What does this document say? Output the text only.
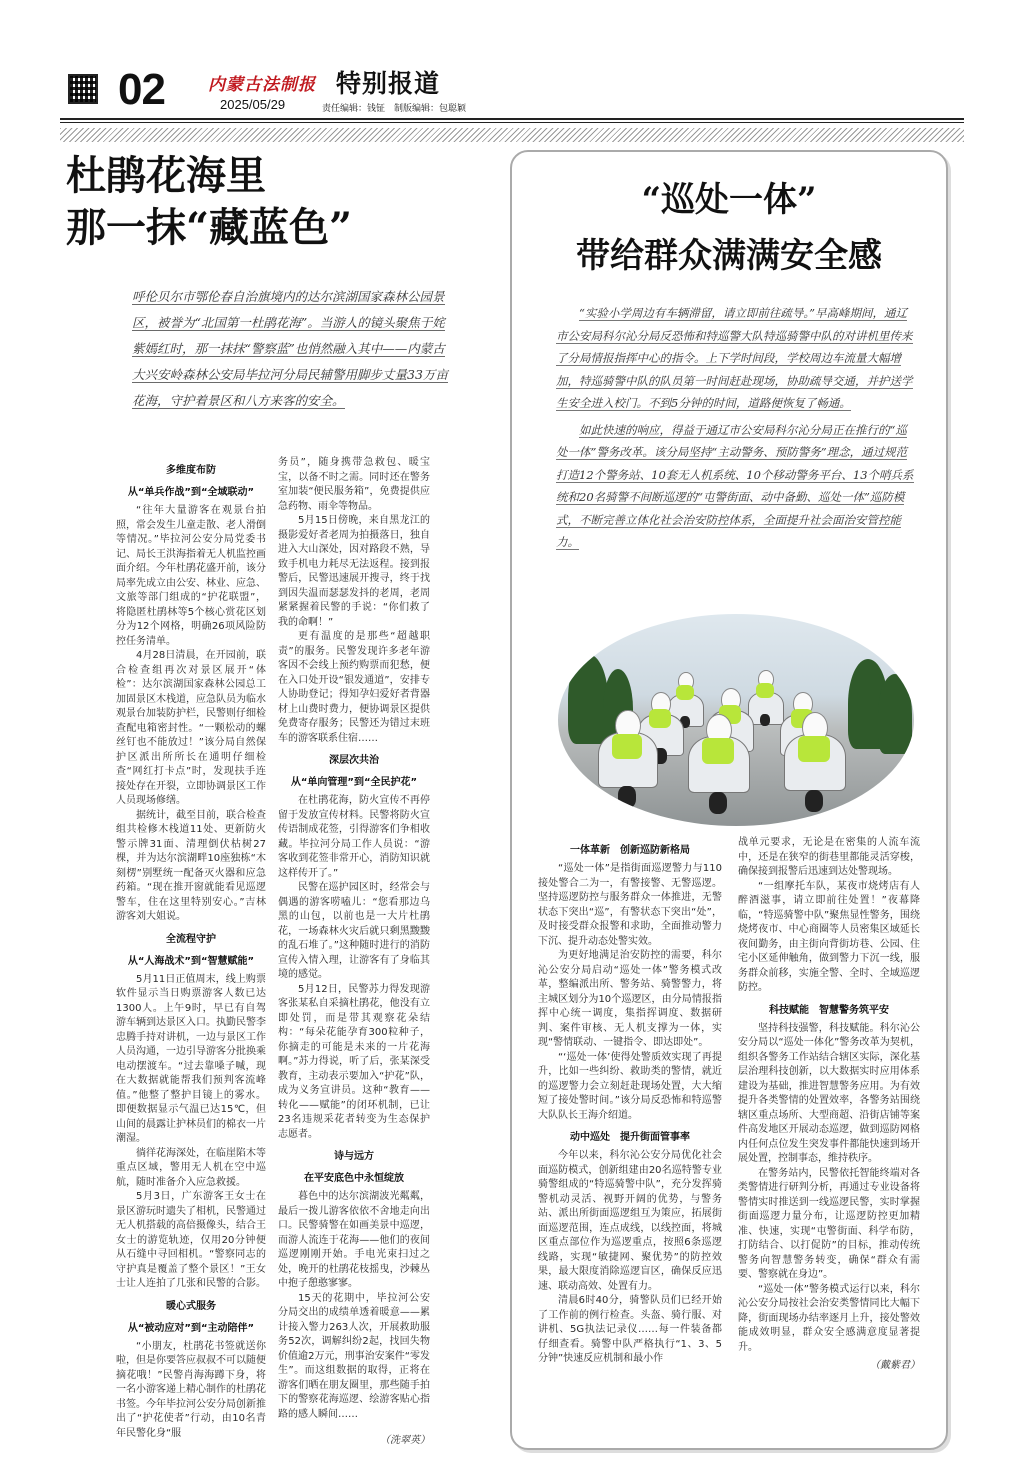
02	内蒙古法制报
2025/05/29
特别报道
责任编辑：钱钲　制版编辑：包聪颖
杜鹃花海里
那一抹“藏蓝色”
呼伦贝尔市鄂伦春自治旗境内的达尔滨湖国家森林公园景区，被誉为“北国第一杜鹃花海”。当游人的镜头聚焦于姹紫嫣红时，那一抹抹“警察蓝”也悄然融入其中——内蒙古大兴安岭森林公安局毕拉河分局民辅警用脚步丈量33万亩花海，守护着景区和八方来客的安全。
多维度布防
从“单兵作战”到“全域联动”

“往年大量游客在观景台拍照，常会发生儿童走散、老人滑倒等情况。”毕拉河公安分局党委书记、局长王洪海指着无人机监控画面介绍。今年杜鹃花盛开前，该分局率先成立由公安、林业、应急、文旅等部门组成的“护花联盟”，将隐匿杜鹃林等5个核心赏花区划分为12个网格，明确26项风险防控任务清单。

4月28日清晨，在开园前，联合检查组再次对景区展开“体检”：达尔滨湖国家森林公园总工加固景区木栈道，应急队员为临水观景台加装防护栏，民警则仔细检查配电箱密封性。“一颗松动的螺丝钉也不能放过！”该分局自然保护区派出所所长在通明仔细检查“网红打卡点”时，发现扶手连接处存在开裂，立即协调景区工作人员现场修缮。

据统计，截至目前，联合检查组共检修木栈道11处、更新防火警示牌31面、清理倒伏枯树27棵，并为达尔滨湖畔10座独栋“木刻楞”别墅统一配备灭火器和应急药箱。“现在推开窗就能看见巡逻警车，住在这里特别安心。”吉林游客刘大姐说。

全流程守护
从“人海战术”到“智慧赋能”

5月11日正值周末，线上购票软件显示当日购票游客人数已达1300人。上午9时，早已有自驾游车辆到达景区入口。执勤民警李忠腾手持对讲机，一边与景区工作人员沟通，一边引导游客分批换乘电动摆渡车。“过去靠嗓子喊，现在大数据就能帮我们预判客流峰值。”他整了整护目镜上的雾水。即便数据显示气温已达15℃，但山间的晨露让护林员们的棉衣一片潮湿。

徜徉花海深处，在临崖陷木等重点区域，警用无人机在空中巡航，随时准备介入应急救援。

5月3日，广东游客王女士在景区游玩时遗失了相机，民警通过无人机搭载的高倍摄像头，结合王女士的游览轨迹，仅用20分钟便从石缝中寻回相机。“警察同志的守护真是覆盖了整个景区！”王女士让人连拍了几张和民警的合影。

暖心式服务
从“被动应对”到“主动陪伴”

“小朋友，杜鹃花书签就送你啦，但是你要答应叔叔不可以随便摘花哦！”民警肖海海蹲下身，将一名小游客递上精心制作的杜鹃花书签。今年毕拉河公安分局创新推出了“护花使者”行动，由10名青年民警化身“服

务员”，随身携带急救包、暖宝宝，以备不时之需。同时还在警务室加装“便民服务箱”，免费提供应急药物、雨伞等物品。

5月15日傍晚，来自黑龙江的摄影爱好者老周为拍摄落日，独自进入大山深处，因对路段不熟，导致手机电力耗尽无法返程。接到报警后，民警迅速展开搜寻，终于找到因失温而瑟瑟发抖的老周，老周紧紧握着民警的手说：“你们救了我的命啊！”

更有温度的是那些“超越职责”的服务。民警发现许多老年游客因不会线上预约购票而犯愁，便在入口处开设“银发通道”，安排专人协助登记；得知孕妇爱好者背器材上山费时费力，便协调景区提供免费寄存服务；民警还为错过末班车的游客联系住宿……

深层次共治
从“单向管理”到“全民护花”

在杜鹃花海，防火宣传不再停留于发放宣传材料。民警将防火宣传语制成花签，引得游客们争相收藏。毕拉河分局工作人员说：“游客收到花签非常开心，消防知识就这样传开了。”

民警在巡护园区时，经常会与偶遇的游客唠嗑儿：“您看那边乌黑的山包，以前也是一大片杜鹃花，一场森林火灾后就只剩黑黢黢的乱石堆了。”这种随时进行的消防宣传入情入理，让游客有了身临其境的感觉。

5月12日，民警苏力得发现游客张某私自采摘杜鹃花，他没有立即处罚，而是带其观察花朵结构：“每朵花能孕育300粒种子，你摘走的可能是未来的一片花海啊。”苏力得说，听了后，张某深受教育，主动表示要加入“护花”队，成为义务宣讲员。这种“教育——转化——赋能”的闭环机制，已让23名违规采花者转变为生态保护志愿者。

诗与远方
在平安底色中永恒绽放

暮色中的达尔滨湖波光粼粼，最后一拨儿游客依依不舍地走向出口。民警骑警在如画美景中巡逻，而游人流连于花海——他们的夜间巡逻刚刚开始。手电光束扫过之处，晚开的杜鹃花枝摇曳，沙棘丛中抱子憩憨寥寥。

15天的花期中，毕拉河公安分局交出的成绩单透着暖意——累计接入警力263人次，开展救助服务52次，调解纠纷2起，找回失物价值逾2万元，刑事治安案件“零发生”。而这组数据的取得，正将在游客们晒在朋友圈里，那些随手拍下的警察花海巡逻、绘游客贴心指路的感人瞬间……

（洗翠英）
“巡处一体”
带给群众满满安全感

“实验小学周边有车辆滞留，请立即前往疏导。”早高峰期间，通辽市公安局科尔沁分局反恐怖和特巡警大队特巡骑警中队的对讲机里传来了分局情报指挥中心的指令。上下学时间段，学校周边车流量大幅增加，特巡骑警中队的队员第一时间赶赴现场，协助疏导交通，并护送学生安全进入校门。不到5分钟的时间，道路便恢复了畅通。

如此快速的响应，得益于通辽市公安局科尔沁分局正在推行的“巡处一体”警务改革。该分局坚持“主动警务、预防警务”理念，通过规范打造12个警务站、10套无人机系统、10个移动警务平台、13个哨兵系统和20名骑警不间断巡逻的“屯警街面、动中备勤、巡处一体”巡防模式，不断完善立体化社会治安防控体系，全面提升社会面治安管控能力。

一体革新　创新巡防新格局

“巡处一体”是指街面巡逻警力与110接处警合二为一，有警接警、无警巡逻。坚持巡逻防控与服务群众一体推进，无警状态下突出“巡”，有警状态下突出“处”，及时接受群众报警和求助，全面推动警力下沉、提升动态处警实效。

为更好地满足治安防控的需要，科尔沁公安分局启动“巡处一体”警务模式改革，整编派出所、警务站、骑警警力，将主城区划分为10个巡逻区，由分局情报指挥中心统一调度，集指挥调度、数据研判、案件审核、无人机支撑为一体，实现“警情联动、一键指令、即达即处”。

“‘巡处一体’使得处警质效实现了再提升，比如一些纠纷、救助类的警情，就近的巡逻警力会立刻赶赴现场处置，大大缩短了接处警时间。”该分局反恐怖和特巡警大队队长王海介绍道。

动中巡处　提升街面管事率

今年以来，科尔沁公安分局优化社会面巡防模式，创新组建由20名巡特警专业骑警组成的“特巡骑警中队”，充分发挥骑警机动灵活、视野开阔的优势，与警务站、派出所街面巡逻组互为策应，拓展街面巡逻范围，连点成线，以线控面，将城区重点部位作为巡逻重点，按照6条巡逻线路，实现“敏捷网、聚优势”的防控效果，最大限度消除巡逻盲区，确保反应迅速、联动高效、处置有力。

清晨6时40分，骑警队员们已经开始了工作前的例行检查。头盔、骑行服、对讲机、5G执法记录仪……每一件装备都仔细查看。骑警中队严格执行“1、3、5分钟”快速反应机制和最小作

战单元要求，无论是在密集的人流车流中，还是在狭窄的街巷里都能灵活穿梭，确保接到报警后迅速到达处警现场。

“一组摩托车队，某夜市烧烤店有人醉酒滋事，请立即前往处置！”夜幕降临，“特巡骑警中队”聚焦显性警务，围绕烧烤夜市、中心商圈等人员密集区域延长夜间勤务，由主街向背街坊巷、公园、住宅小区延伸触角，做到警力下沉一线，服务群众前移，实施全警、全时、全域巡逻防控。

科技赋能　智慧警务筑平安

坚持科技强警，科技赋能。科尔沁公安分局以“巡处一体化”警务改革为契机，组织各警务工作站结合辖区实际，深化基层治理科技创新，以大数据实时应用体系建设为基础，推进智慧警务应用。为有效提升各类警情的处置效率，各警务站围绕辖区重点场所、大型商超、沿街店铺等案件高发地区开展动态巡逻，做到巡防网格内任何点位发生突发事件都能快速到场开展处置，控制事态，维持秩序。

在警务站内，民警依托智能终端对各类警情进行研判分析，再通过专业设备将警情实时推送到一线巡逻民警，实时掌握街面巡逻力量分布，让巡逻防控更加精准、快速，实现“屯警街面、科学布防，打防结合、以打促防”的目标，推动传统警务向智慧警务转变，确保“群众有需要、警察就在身边”。

“巡处一体”警务模式运行以来，科尔沁公安分局按社会治安类警情同比大幅下降，街面现场办结率逐月上升，接处警效能成效明显，群众安全感满意度显著提升。

（戴紫君）
